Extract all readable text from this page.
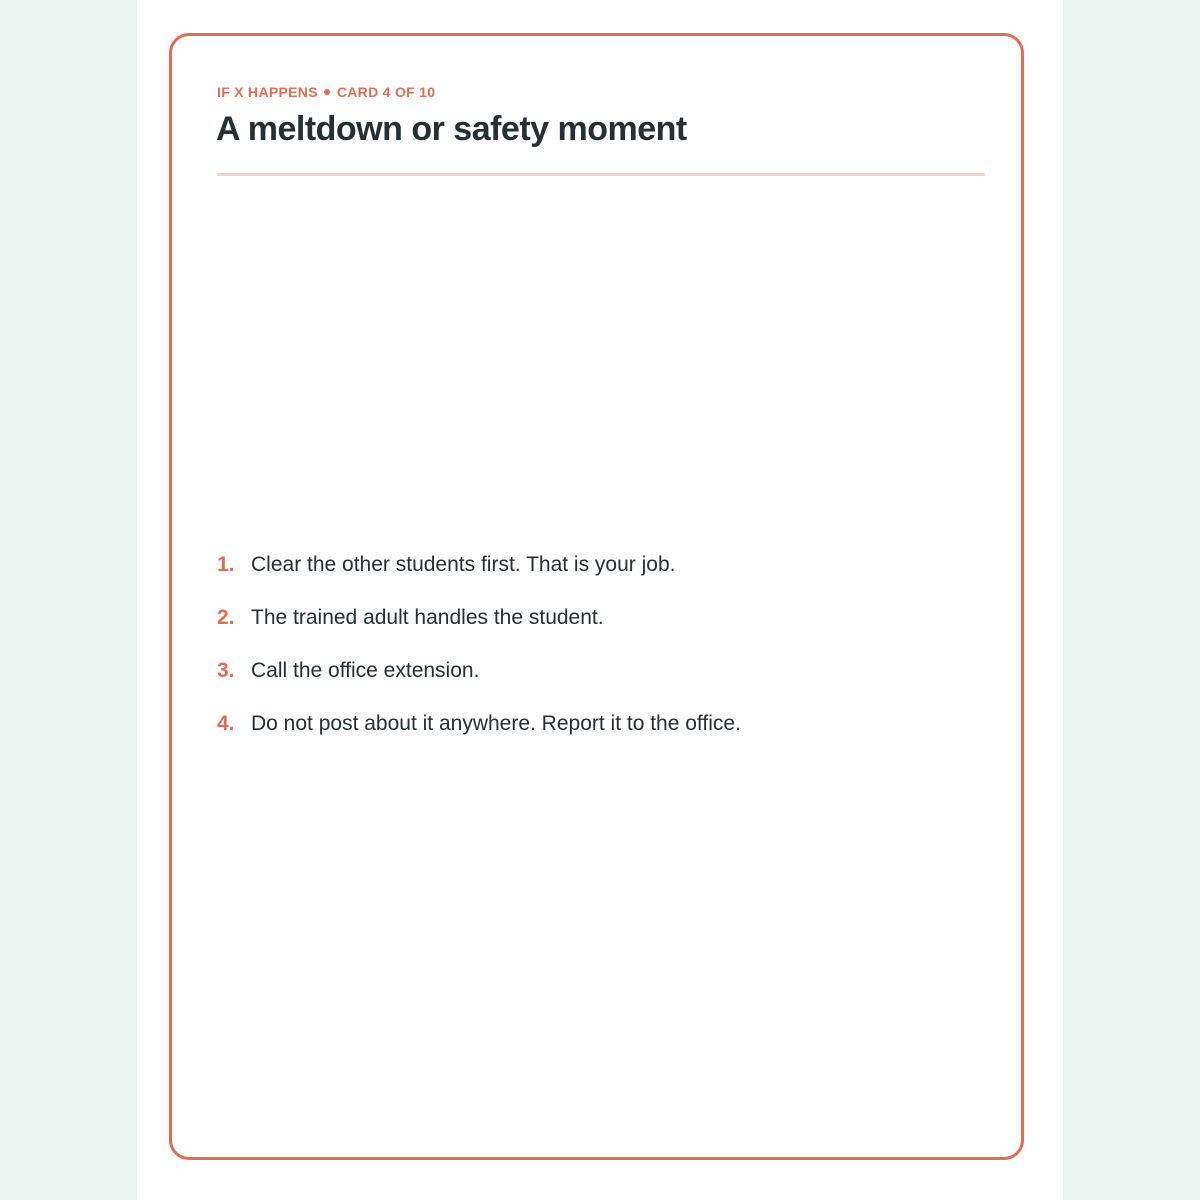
IF X HAPPENS CARD 4 OF 10

A meltdown or safety moment
1. Clear the other students first. That is your job.
2. The trained adult handles the student.
3. Call the office extension.
4. Do not post about it anywhere. Report it to the office.
